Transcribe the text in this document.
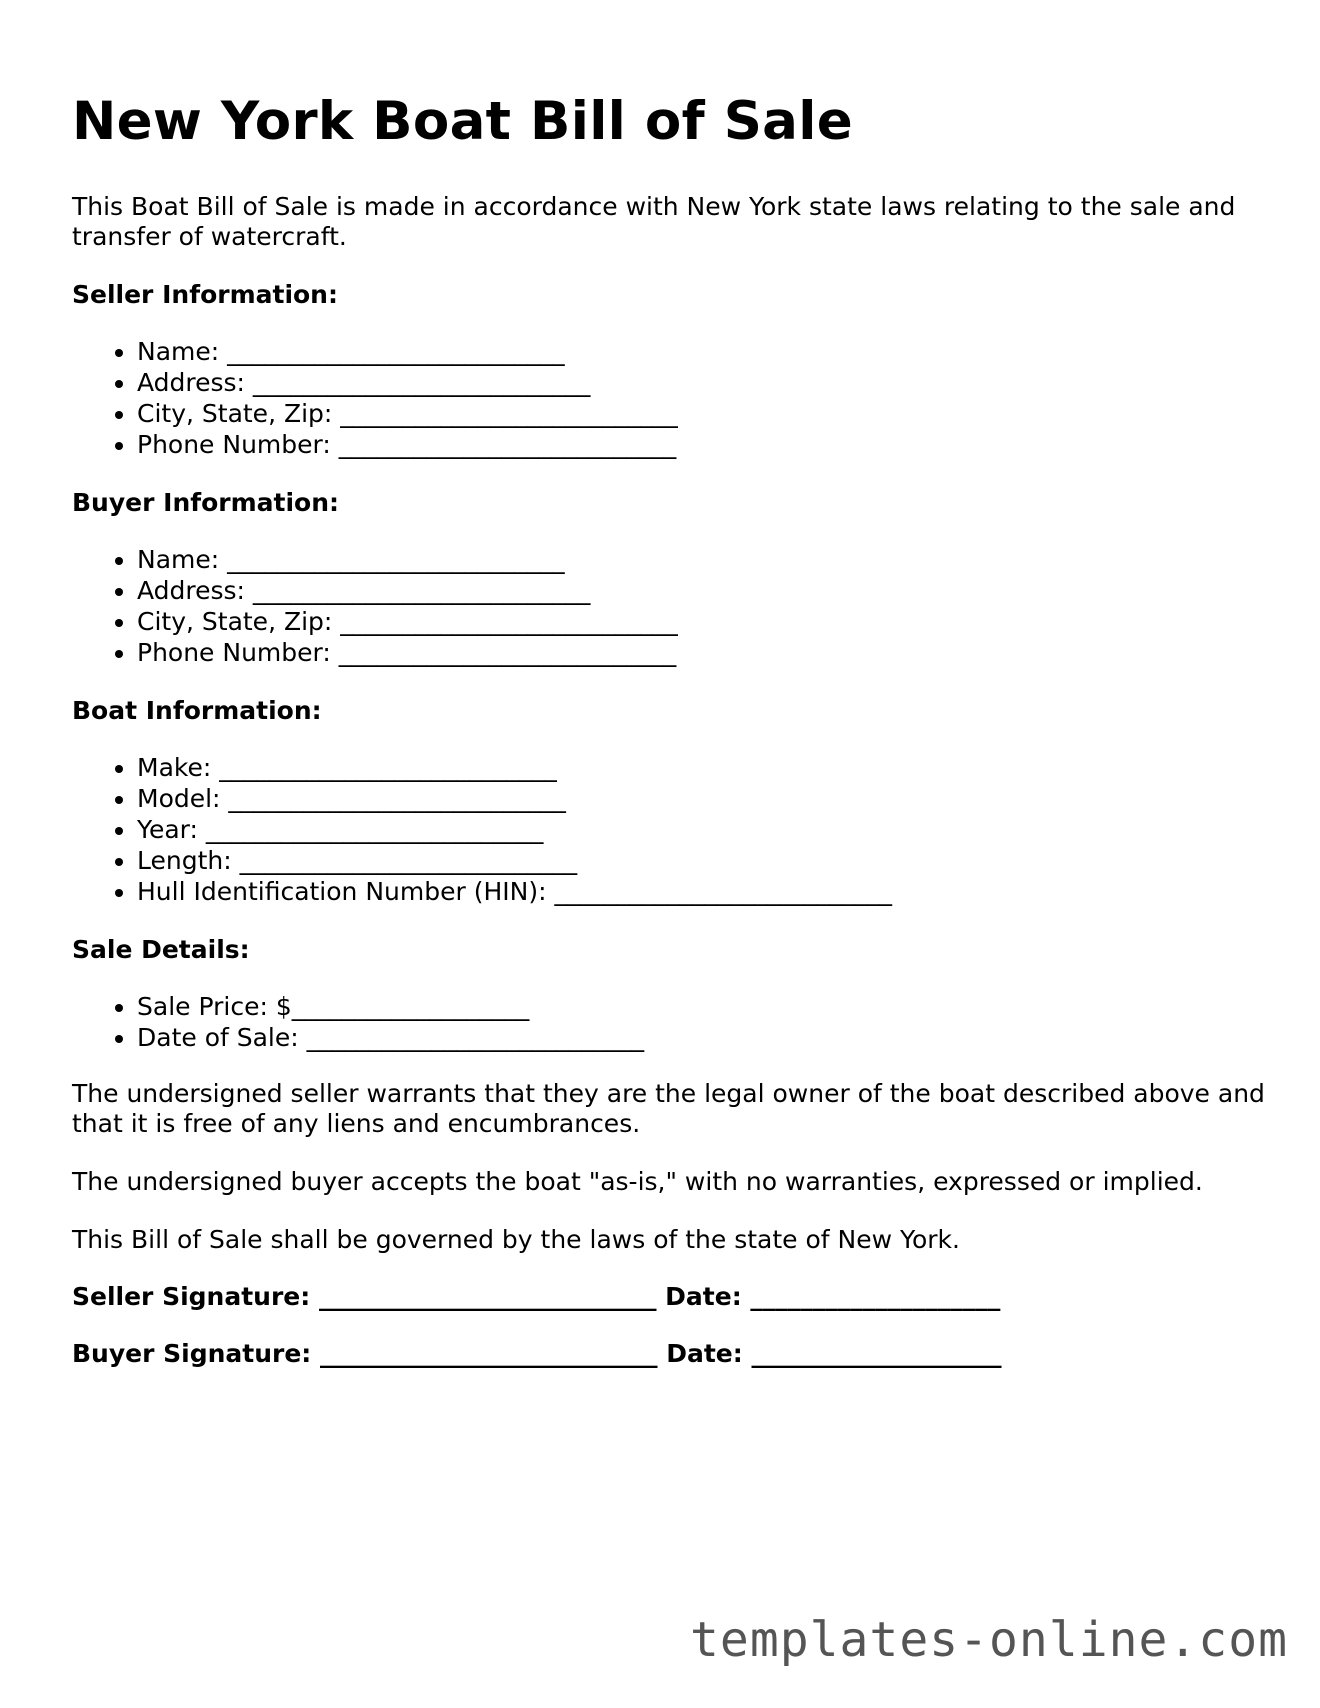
New York Boat Bill of Sale

This Boat Bill of Sale is made in accordance with New York state laws relating to the sale and transfer of watercraft.

Seller Information:

• Name: ___________________________
• Address: ___________________________
• City, State, Zip: ___________________________
• Phone Number: ___________________________

Buyer Information:

• Name: ___________________________
• Address: ___________________________
• City, State, Zip: ___________________________
• Phone Number: ___________________________

Boat Information:

• Make: ___________________________
• Model: ___________________________
• Year: ___________________________
• Length: ___________________________
• Hull Identification Number (HIN): ___________________________

Sale Details:

• Sale Price: $___________________
• Date of Sale: ___________________________

The undersigned seller warrants that they are the legal owner of the boat described above and that it is free of any liens and encumbrances.

The undersigned buyer accepts the boat "as-is," with no warranties, expressed or implied.

This Bill of Sale shall be governed by the laws of the state of New York.

Seller Signature: ___________________________ Date: ____________________

Buyer Signature: ___________________________ Date: ____________________

templates-online.com
